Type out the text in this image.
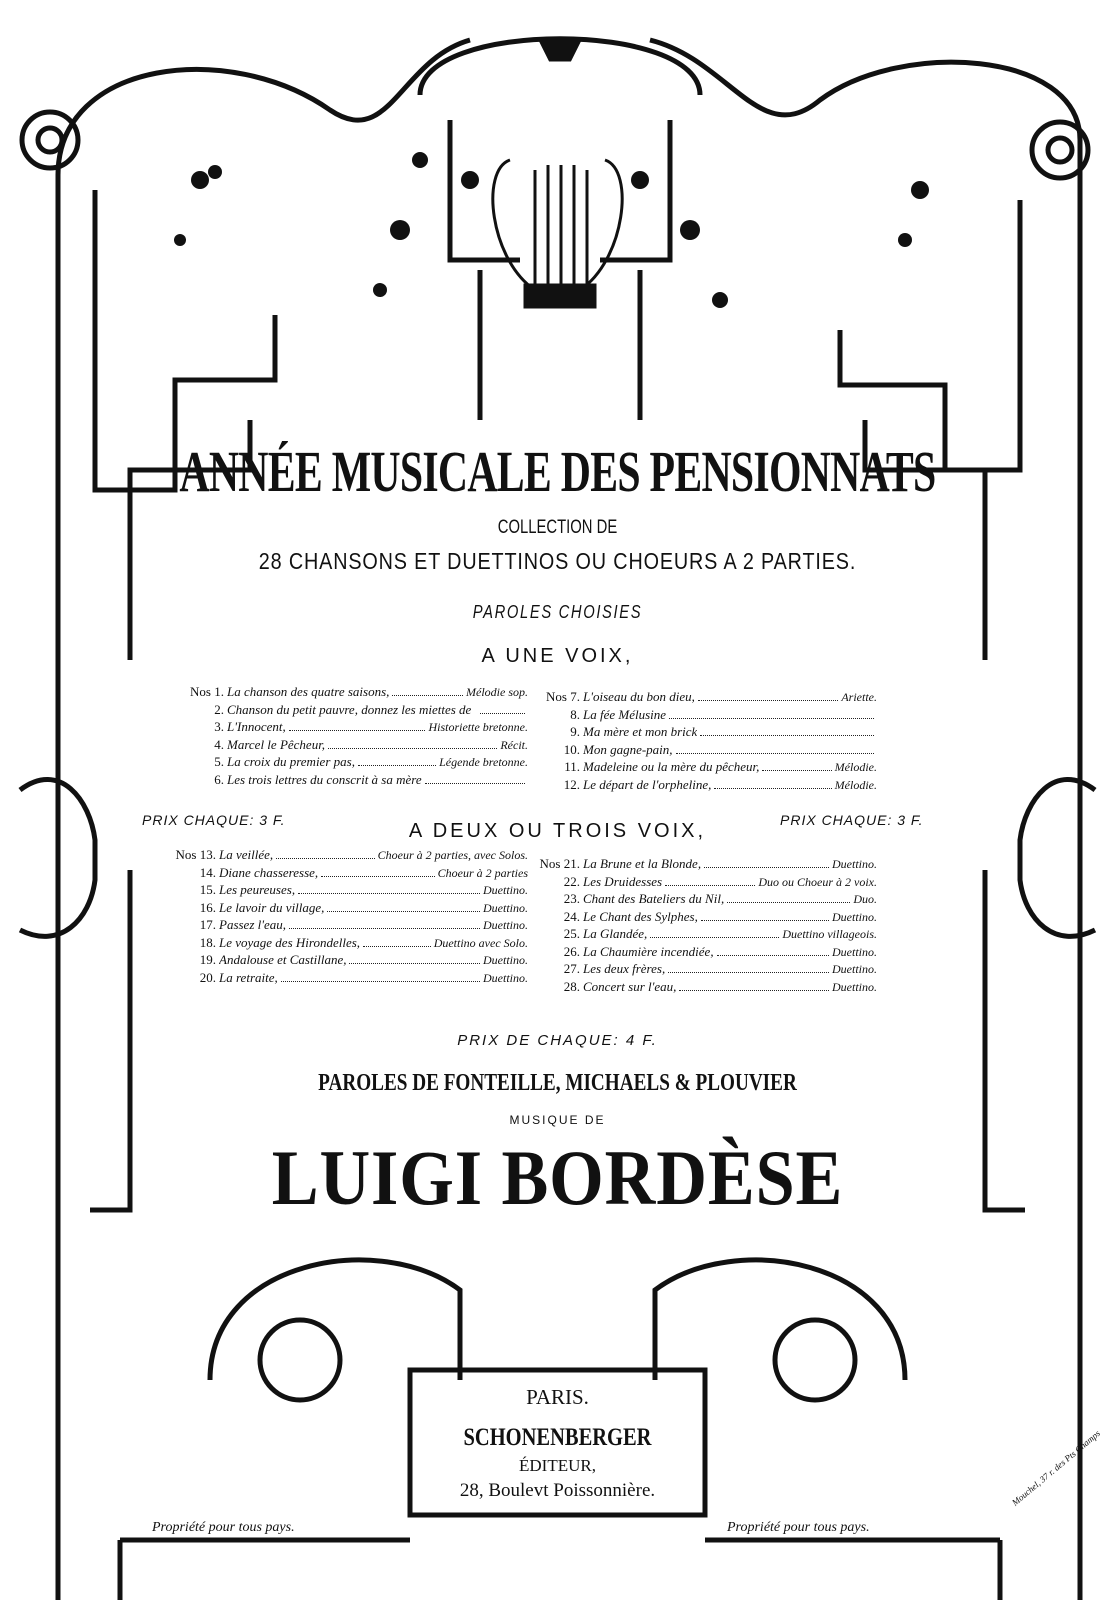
ANNÉE MUSICALE DES PENSIONNATS
COLLECTION DE
28 CHANSONS ET DUETTINOS OU CHOEURS A 2 PARTIES.
PAROLES CHOISIES
A UNE VOIX,
Nos 1. La chanson des quatre saisons,	Mélodie sop.
2. Chanson du petit pauvre, donnez les miettes de
3. L'Innocent,	Historiette bretonne.
4. Marcel le Pêcheur,	Récit.
5. La croix du premier pas,	Légende bretonne.
6. Les trois lettres du conscrit à sa mère
Nos 7. L'oiseau du bon dieu,	Ariette.
8. La fée Mélusine
9. Ma mère et mon brick
10. Mon gagne-pain,
11. Madeleine ou la mère du pêcheur,	Mélodie.
12. Le départ de l'orpheline,	Mélodie.
PRIX CHAQUE: 3 F.	PRIX CHAQUE: 3 F.
A DEUX OU TROIS VOIX,
Nos 13. La veillée,	Choeur à 2 parties, avec Solos.
14. Diane chasseresse,	Choeur à 2 parties
15. Les peureuses,	Duettino.
16. Le lavoir du village,	Duettino.
17. Passez l'eau,	Duettino.
18. Le voyage des Hirondelles,	Duettino avec Solo.
19. Andalouse et Castillane,	Duettino.
20. La retraite,	Duettino.
Nos 21. La Brune et la Blonde,	Duettino.
22. Les Druidesses	Duo ou Choeur à 2 voix.
23. Chant des Bateliers du Nil,	Duo.
24. Le Chant des Sylphes,	Duettino.
25. La Glandée,	Duettino villageois.
26. La Chaumière incendiée,	Duettino.
27. Les deux frères,	Duettino.
28. Concert sur l'eau,	Duettino.
PRIX DE CHAQUE: 4 F.
PAROLES DE FONTEILLE, MICHAELS & PLOUVIER
MUSIQUE DE
LUIGI BORDÈSE
PARIS.
SCHONENBERGER
ÉDITEUR,
28, Boulevt Poissonnière.
Propriété pour tous pays.	Propriété pour tous pays.
Mouchel, 37 r. des Pts Champs
